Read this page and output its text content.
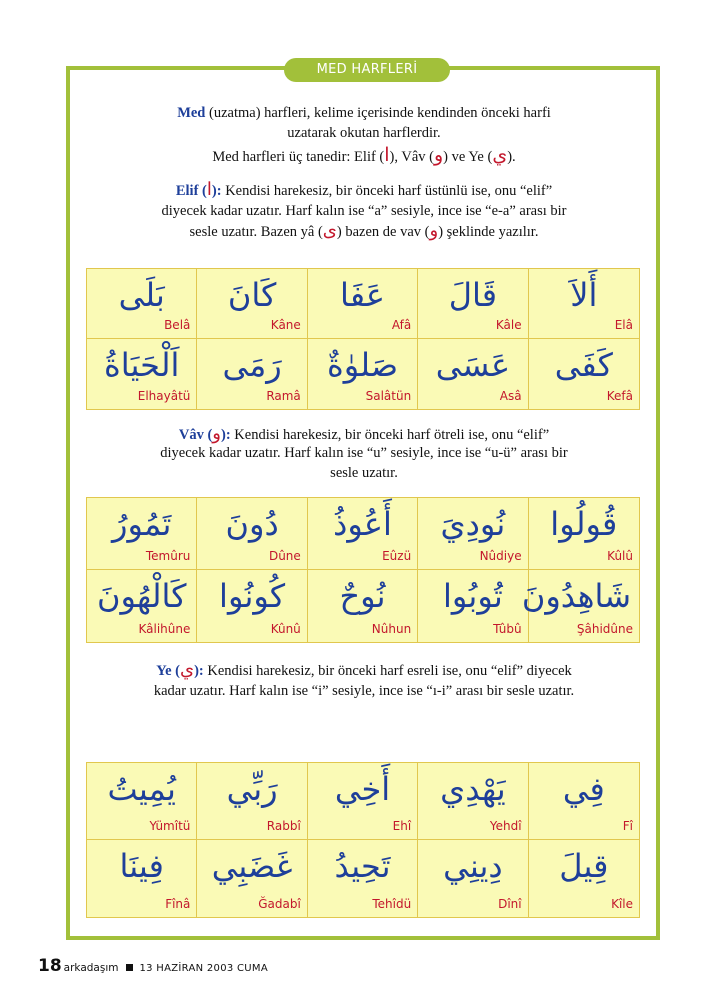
MED HARFLERİ
Med (uzatma) harfleri, kelime içerisinde kendinden önceki harfi
uzatarak okutan harflerdir.
Med harfleri üç tanedir: Elif (ا), Vâv (و) ve Ye (ي).
Elif (ا): Kendisi harekesiz, bir önceki harf üstünlü ise, onu “elif”
diyecek kadar uzatır. Harf kalın ise “a” sesiyle, ince ise “e-a” arası bir
sesle uzatır. Bazen yâ (ى) bazen de vav (و) şeklinde yazılır.
بَلَى
Belâ
كَانَ
Kâne
عَفَا
Afâ
قَالَ
Kâle
أَلاَ
Elâ
اَلْحَيَاةُ
Elhayâtü
رَمَى
Ramâ
صَلوٰةٌ
Salâtün
عَسَى
Asâ
كَفَى
Kefâ
Vâv (و): Kendisi harekesiz, bir önceki harf ötreli ise, onu “elif”
diyecek kadar uzatır. Harf kalın ise “u” sesiyle, ince ise “u-ü” arası bir
sesle uzatır.
تَمُورُ
Temûru
دُونَ
Dûne
أَعُوذُ
Eûzü
نُودِيَ
Nûdiye
قُولُوا
Kûlû
كَالْهُونَ
Kâlihûne
كُونُوا
Kûnû
نُوحٌ
Nûhun
تُوبُوا
Tûbû
شَاهِدُونَ
Şâhidûne
Ye (ي): Kendisi harekesiz, bir önceki harf esreli ise, onu “elif” diyecek
kadar uzatır. Harf kalın ise “i” sesiyle, ince ise “ı-i” arası bir sesle uzatır.
يُمِيتُ
Yümîtü
رَبِّي
Rabbî
أَخِي
Ehî
يَهْدِي
Yehdî
فِي
Fî
فِينَا
Fînâ
غَضَبِي
Ğadabî
تَحِيدُ
Tehîdü
دِينِي
Dînî
قِيلَ
Kîle
18 arkadaşım 13 HAZİRAN 2003 CUMA
